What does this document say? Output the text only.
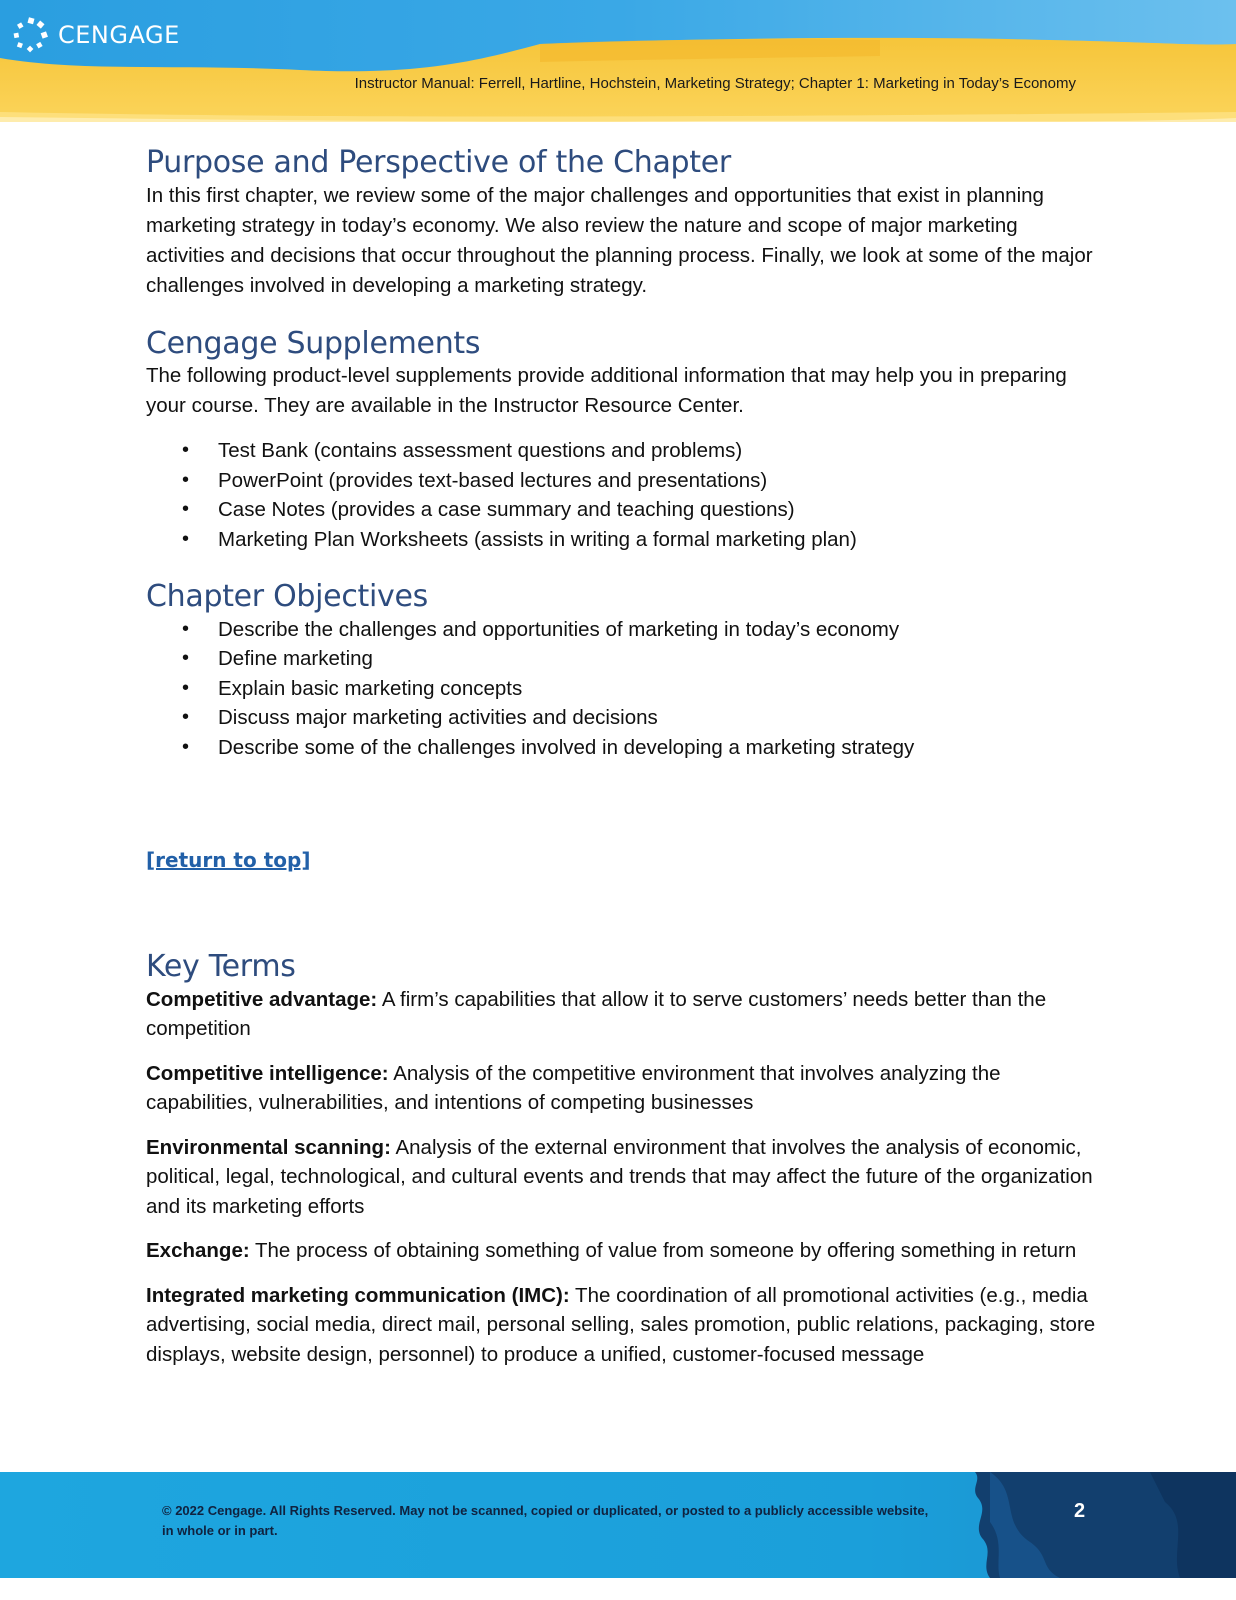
CENGAGE
Instructor Manual: Ferrell, Hartline, Hochstein, Marketing Strategy; Chapter 1: Marketing in Today’s Economy
Purpose and Perspective of the Chapter

In this first chapter, we review some of the major challenges and opportunities that exist in planning marketing strategy in today’s economy. We also review the nature and scope of major marketing activities and decisions that occur throughout the planning process. Finally, we look at some of the major challenges involved in developing a marketing strategy.

Cengage Supplements

The following product-level supplements provide additional information that may help you in preparing your course. They are available in the Instructor Resource Center.

• Test Bank (contains assessment questions and problems)
• PowerPoint (provides text-based lectures and presentations)
• Case Notes (provides a case summary and teaching questions)
• Marketing Plan Worksheets (assists in writing a formal marketing plan)
Chapter Objectives
• Describe the challenges and opportunities of marketing in today’s economy
• Define marketing
• Explain basic marketing concepts
• Discuss major marketing activities and decisions
• Describe some of the challenges involved in developing a marketing strategy
[return to top]
Key Terms

Competitive advantage: A firm’s capabilities that allow it to serve customers’ needs better than the competition

Competitive intelligence: Analysis of the competitive environment that involves analyzing the capabilities, vulnerabilities, and intentions of competing businesses

Environmental scanning: Analysis of the external environment that involves the analysis of economic, political, legal, technological, and cultural events and trends that may affect the future of the organization and its marketing efforts

Exchange: The process of obtaining something of value from someone by offering something in return

Integrated marketing communication (IMC): The coordination of all promotional activities (e.g., media advertising, social media, direct mail, personal selling, sales promotion, public relations, packaging, store displays, website design, personnel) to produce a unified, customer-focused message

© 2022 Cengage. All Rights Reserved. May not be scanned, copied or duplicated, or posted to a publicly accessible website, in whole or in part.
2
